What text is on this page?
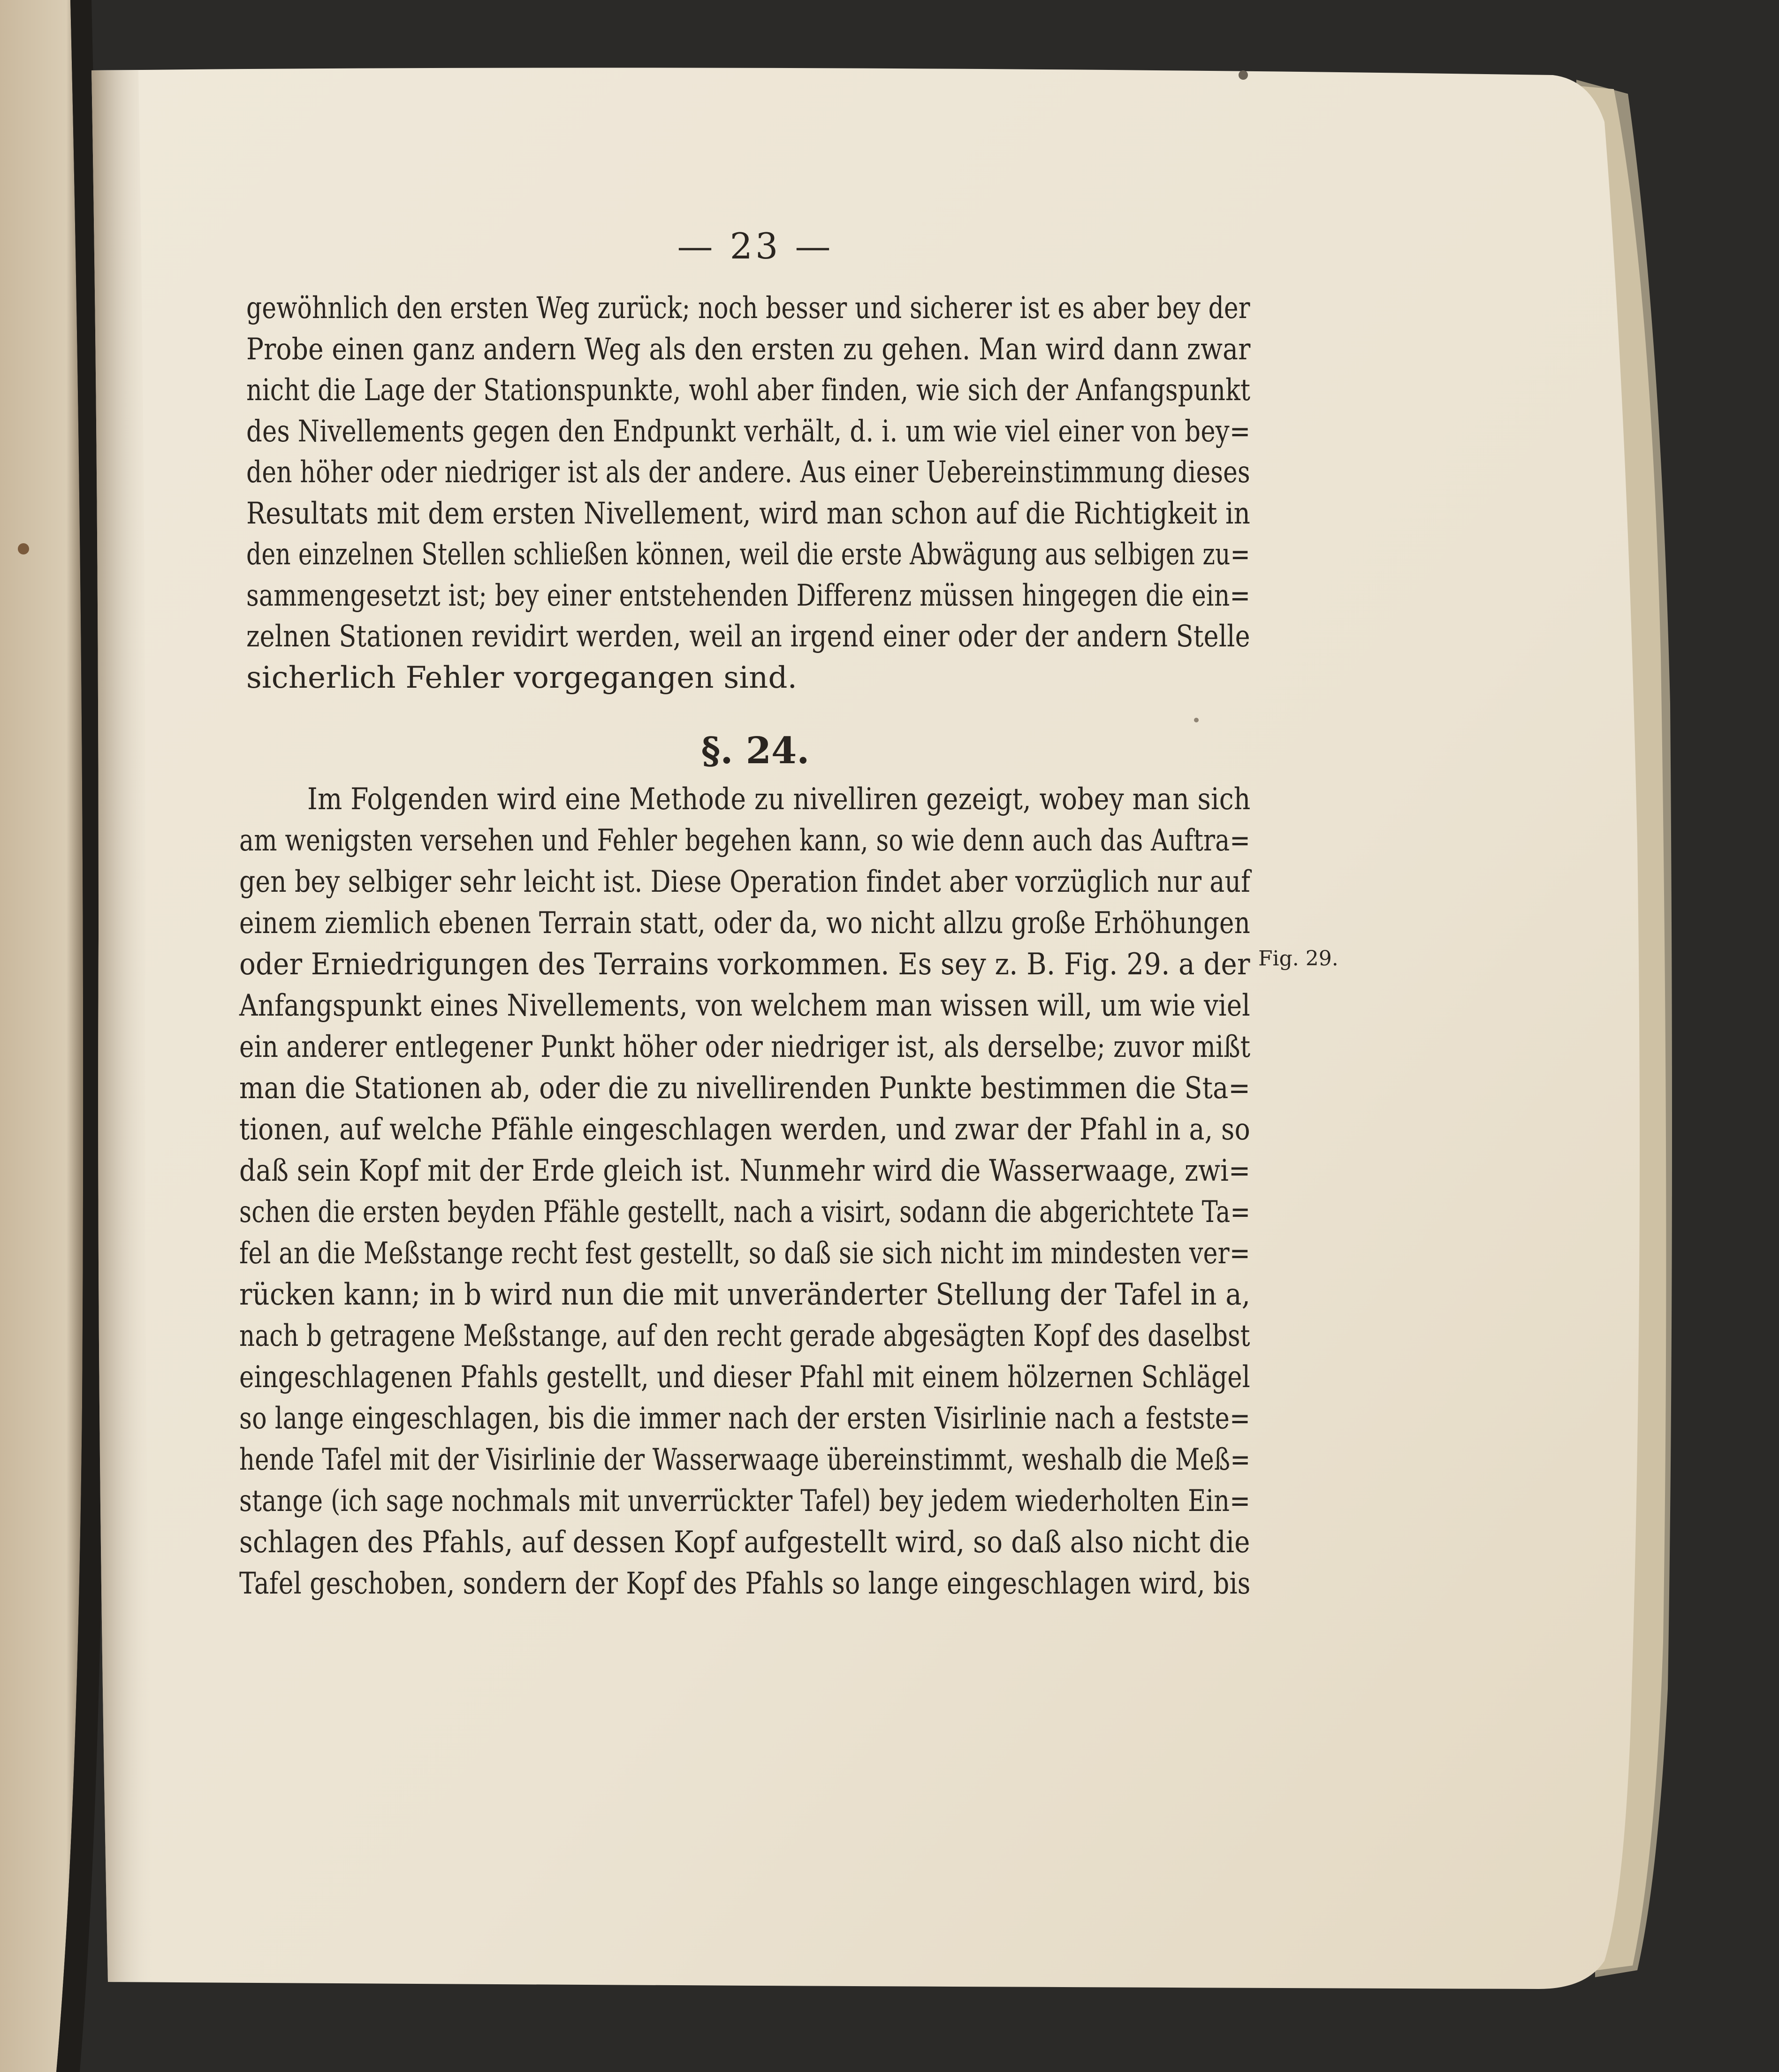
— 23 —
gewöhnlich den ersten Weg zurück; noch besser und sicherer ist es aber bey der
Probe einen ganz andern Weg als den ersten zu gehen. Man wird dann zwar
nicht die Lage der Stationspunkte, wohl aber finden, wie sich der Anfangspunkt
des Nivellements gegen den Endpunkt verhält, d. i. um wie viel einer von bey=
den höher oder niedriger ist als der andere. Aus einer Uebereinstimmung dieses
Resultats mit dem ersten Nivellement, wird man schon auf die Richtigkeit in
den einzelnen Stellen schließen können, weil die erste Abwägung aus selbigen zu=
sammengesetzt ist; bey einer entstehenden Differenz müssen hingegen die ein=
zelnen Stationen revidirt werden, weil an irgend einer oder der andern Stelle
sicherlich Fehler vorgegangen sind.
§. 24.
Im Folgenden wird eine Methode zu nivelliren gezeigt, wobey man sich
am wenigsten versehen und Fehler begehen kann, so wie denn auch das Auftra=
gen bey selbiger sehr leicht ist. Diese Operation findet aber vorzüglich nur auf
einem ziemlich ebenen Terrain statt, oder da, wo nicht allzu große Erhöhungen
oder Erniedrigungen des Terrains vorkommen. Es sey z. B. Fig. 29. a der
Anfangspunkt eines Nivellements, von welchem man wissen will, um wie viel
ein anderer entlegener Punkt höher oder niedriger ist, als derselbe; zuvor mißt
man die Stationen ab, oder die zu nivellirenden Punkte bestimmen die Sta=
tionen, auf welche Pfähle eingeschlagen werden, und zwar der Pfahl in a, so
daß sein Kopf mit der Erde gleich ist. Nunmehr wird die Wasserwaage, zwi=
schen die ersten beyden Pfähle gestellt, nach a visirt, sodann die abgerichtete Ta=
fel an die Meßstange recht fest gestellt, so daß sie sich nicht im mindesten ver=
rücken kann; in b wird nun die mit unveränderter Stellung der Tafel in a,
nach b getragene Meßstange, auf den recht gerade abgesägten Kopf des daselbst
eingeschlagenen Pfahls gestellt, und dieser Pfahl mit einem hölzernen Schlägel
so lange eingeschlagen, bis die immer nach der ersten Visirlinie nach a festste=
hende Tafel mit der Visirlinie der Wasserwaage übereinstimmt, weshalb die Meß=
stange (ich sage nochmals mit unverrückter Tafel) bey jedem wiederholten Ein=
schlagen des Pfahls, auf dessen Kopf aufgestellt wird, so daß also nicht die
Tafel geschoben, sondern der Kopf des Pfahls so lange eingeschlagen wird, bis
Fig. 29.
